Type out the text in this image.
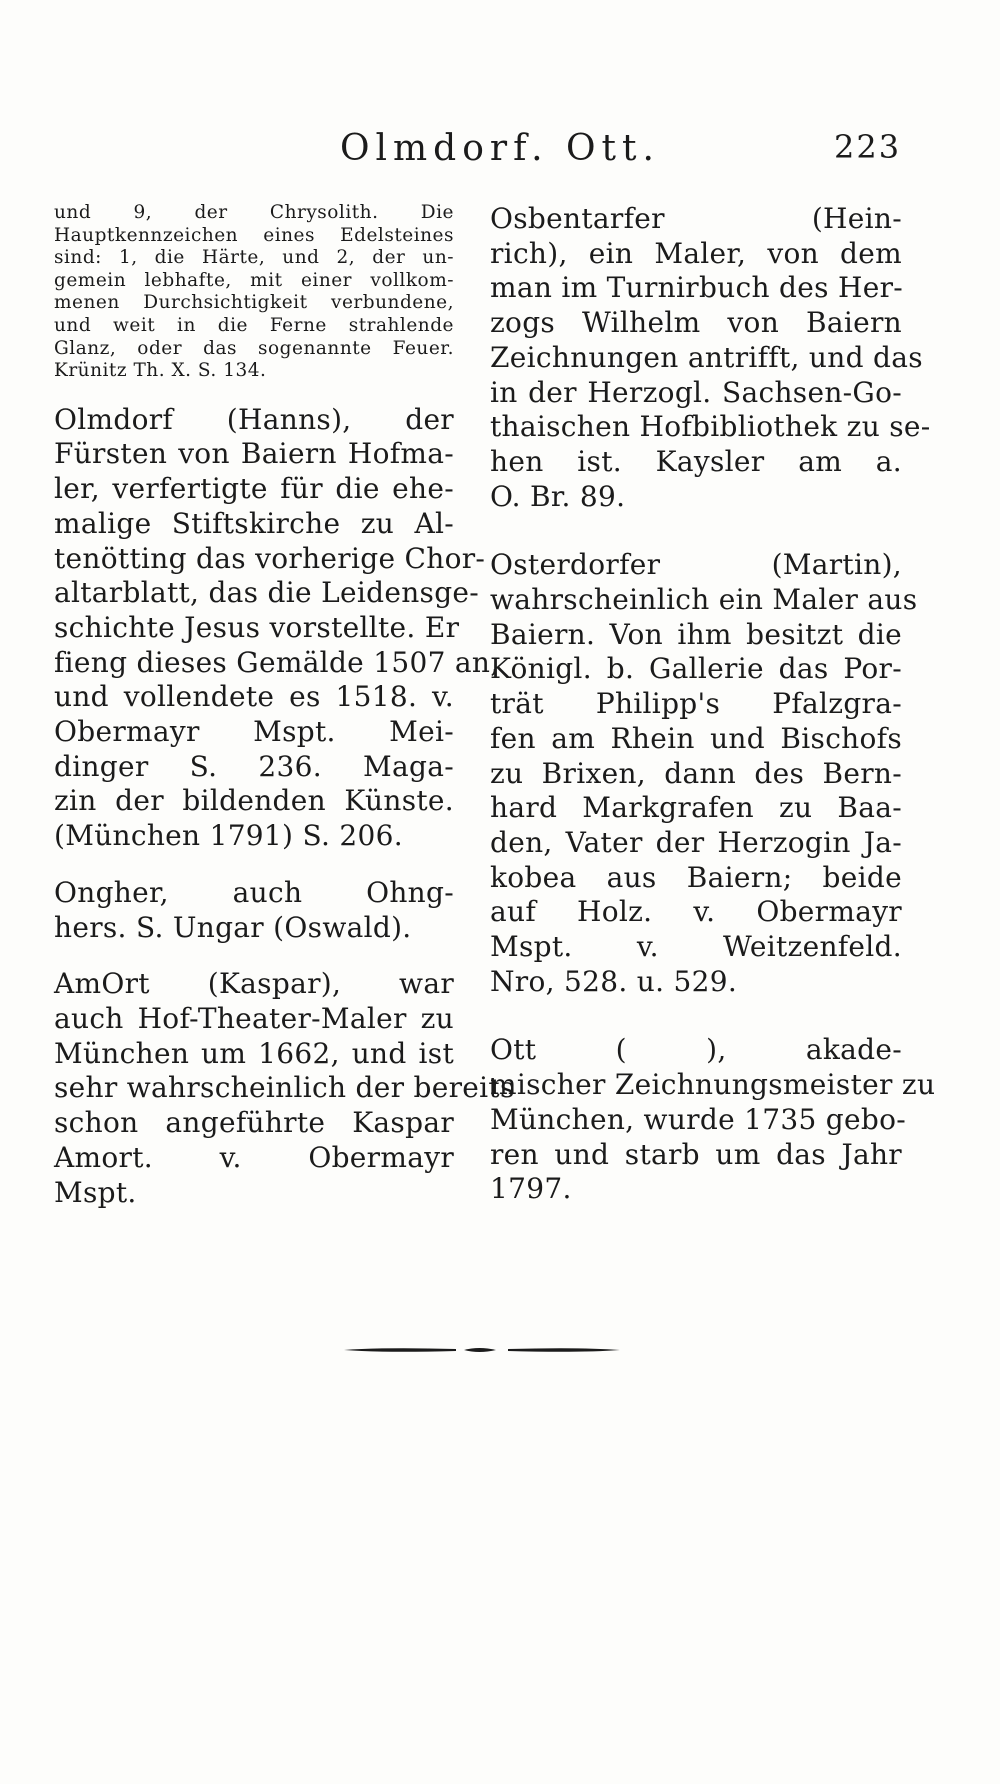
Olmdorf. Ott.	223
und 9, der Chrysolith. Die
Hauptkennzeichen eines Edelsteines
sind: 1, die Härte, und 2, der un-
gemein lebhafte, mit einer vollkom-
menen Durchsichtigkeit verbundene,
und weit in die Ferne strahlende
Glanz, oder das sogenannte Feuer.
Krünitz Th. X. S. 134.
Olmdorf (Hanns), der
Fürsten von Baiern Hofma-
ler, verfertigte für die ehe-
malige Stiftskirche zu Al-
tenötting das vorherige Chor-
altarblatt, das die Leidensge-
schichte Jesus vorstellte. Er
fieng dieses Gemälde 1507 an,
und vollendete es 1518. v.
Obermayr Mspt. Mei-
dinger S. 236. Maga-
zin der bildenden Künste.
(München 1791) S. 206.
Ongher, auch Ohng-
hers. S. Ungar (Oswald).
AmOrt (Kaspar), war
auch Hof-Theater-Maler zu
München um 1662, und ist
sehr wahrscheinlich der bereits
schon angeführte Kaspar
Amort. v. Obermayr
Mspt.
Osbentarfer (Hein-
rich), ein Maler, von dem
man im Turnirbuch des Her-
zogs Wilhelm von Baiern
Zeichnungen antrifft, und das
in der Herzogl. Sachsen-Go-
thaischen Hofbibliothek zu se-
hen ist. Kaysler am a.
O. Br. 89.
Osterdorfer (Martin),
wahrscheinlich ein Maler aus
Baiern. Von ihm besitzt die
Königl. b. Gallerie das Por-
trät Philipp's Pfalzgra-
fen am Rhein und Bischofs
zu Brixen, dann des Bern-
hard Markgrafen zu Baa-
den, Vater der Herzogin Ja-
kobea aus Baiern; beide
auf Holz. v. Obermayr
Mspt. v. Weitzenfeld.
Nro, 528. u. 529.
Ott ( ), akade-
mischer Zeichnungsmeister zu
München, wurde 1735 gebo-
ren und starb um das Jahr
1797.
